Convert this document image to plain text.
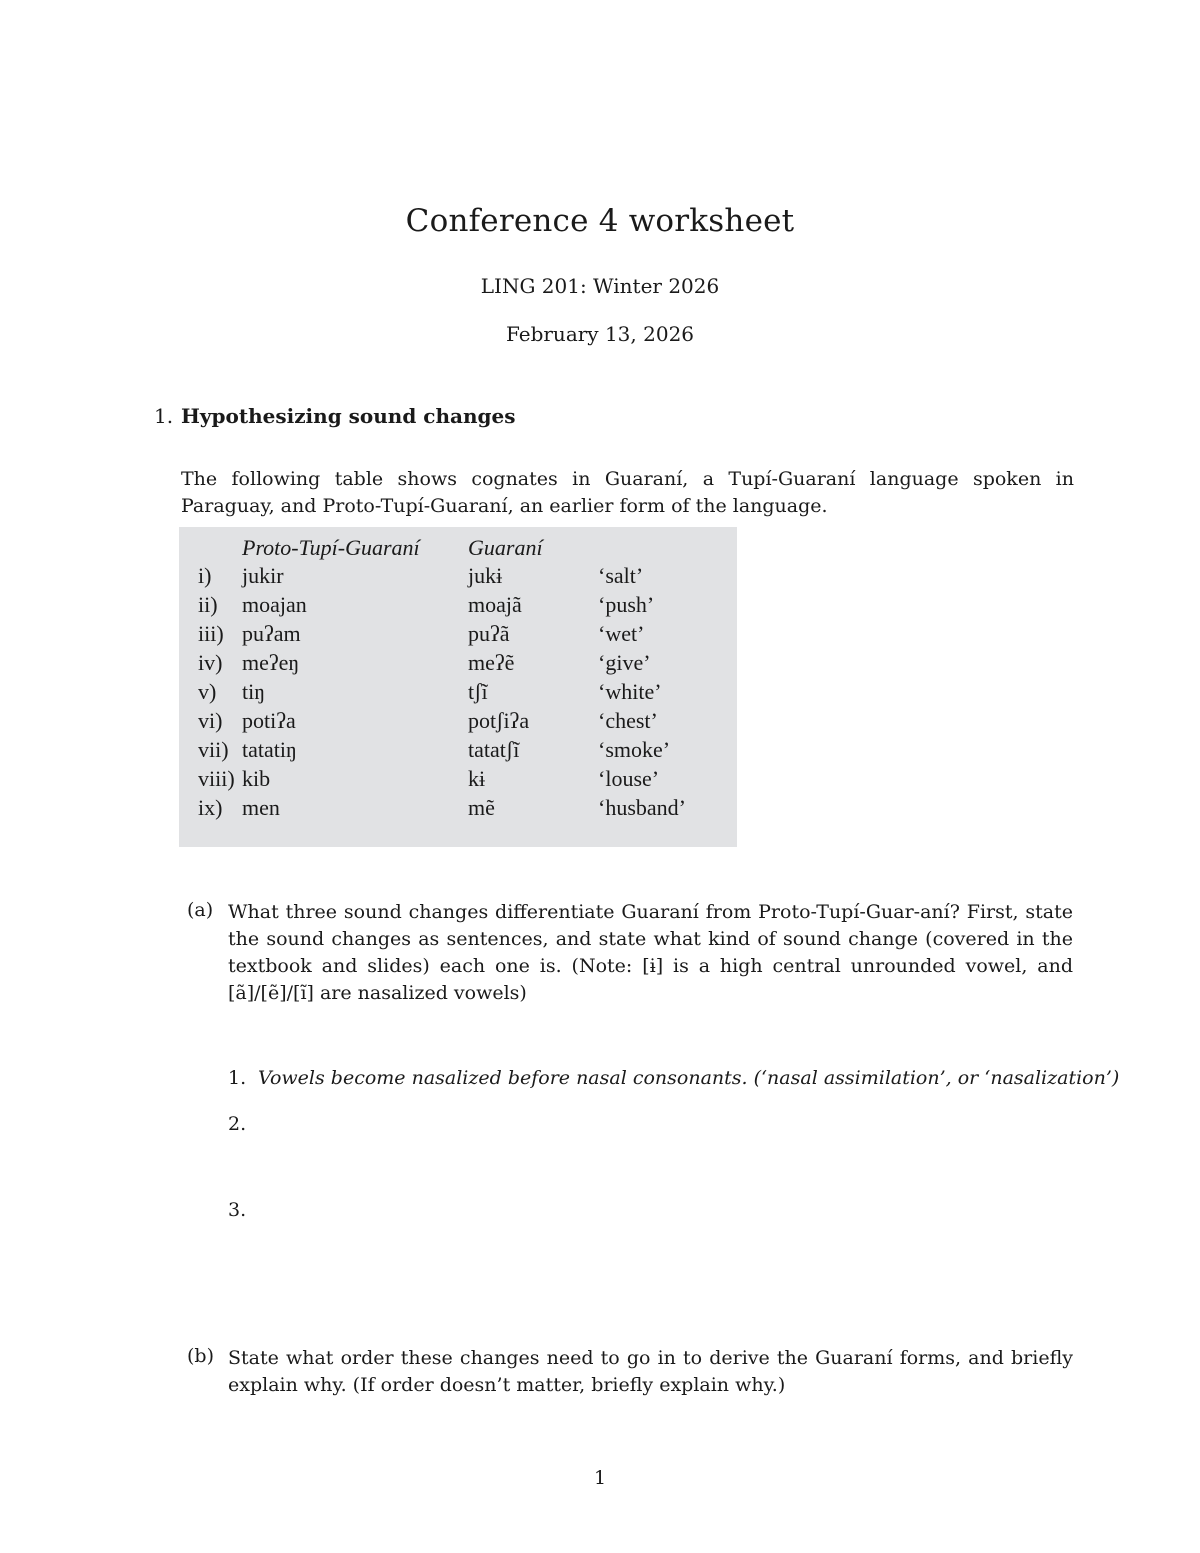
Conference 4 worksheet
LING 201: Winter 2026
February 13, 2026
1. Hypothesizing sound changes
The following table shows cognates in Guaraní, a Tupí-Guaraní language spoken in Paraguay, and Proto-Tupí-Guaraní, an earlier form of the language.
Proto-Tupí-Guaraní Guaraní
i) jukir	jukɨ	‘salt’
ii) moajan	moajã	‘push’
iii) puʔam	puʔã	‘wet’
iv) meʔeŋ	meʔẽ	‘give’
v) tiŋ	tʃĩ	‘white’
vi) potiʔa	potʃiʔa	‘chest’
vii) tatatiŋ	tatatʃĩ	‘smoke’
viii) kib	kɨ	‘louse’
ix) men	mẽ	‘husband’
(a) What three sound changes differentiate Guaraní from Proto-Tupí-Guar-aní? First, state the sound changes as sentences, and state what kind of sound change (covered in the textbook and slides) each one is. (Note: [ɨ] is a high central unrounded vowel, and [ã]/[ẽ]/[ĩ] are nasalized vowels)
1. Vowels become nasalized before nasal consonants. (‘nasal assimilation’, or ‘nasalization’)
2.
3.
(b) State what order these changes need to go in to derive the Guaraní forms, and briefly explain why. (If order doesn’t matter, briefly explain why.)
1
